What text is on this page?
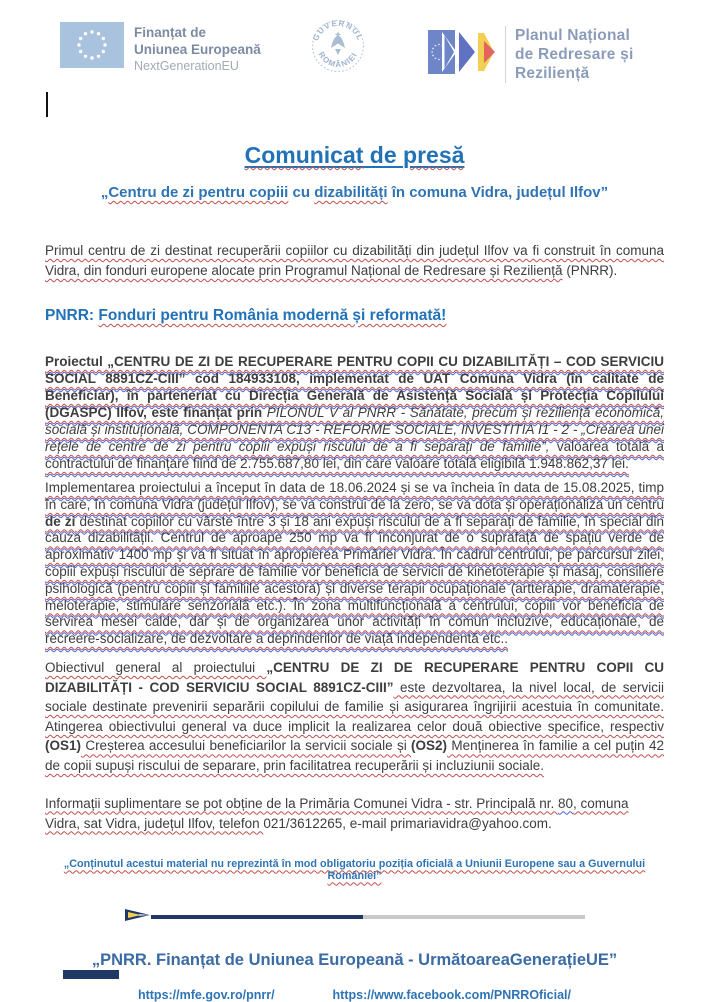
Finanțat de
Uniunea Europeană
NextGenerationEU
GUVERNUL
ROMÂNIEI
Planul Național
de Redresare și Reziliență
Comunicat de presă
„Centru de zi pentru copiii cu dizabilități în comuna Vidra, județul Ilfov”

Primul centru de zi destinat recuperării copiilor cu dizabilități din județul Ilfov va fi construit în comuna Vidra, din fonduri europene alocate prin Programul Național de Redresare și Reziliență (PNRR).

PNRR: Fonduri pentru România modernă și reformată!

Proiectul „CENTRU DE ZI DE RECUPERARE PENTRU COPII CU DIZABILITĂȚI – COD SERVICIU SOCIAL 8891CZ-CIII” cod 184933108, implementat de UAT Comuna Vidra (în calitate de Beneficiar), în parteneriat cu Direcția Generală de Asistență Socială și Protecția Copilului (DGASPC) Ilfov, este finanțat prin PILONUL V al PNRR - Sănătate, precum și reziliență economică, socială și instituțională, COMPONENTA C13 - REFORME SOCIALE, INVESTITIA I1 - 2 - „Crearea unei rețele de centre de zi pentru copiii expuși riscului de a fi separați de familie”, valoarea totală a contractului de finanțare fiind de 2.755.687,80 lei, din care valoare totală eligibilă 1.948.862,37 lei.

Implementarea proiectului a început în data de 18.06.2024 și se va încheia în data de 15.08.2025, timp în care, în comuna Vidra (județul Ilfov), se va construi de la zero, se va dota și operaționaliza un centru de zi destinat copiilor cu vârste între 3 și 18 ani expuși riscului de a fi separați de familie, în special din cauza dizabilității. Centrul de aproape 250 mp va fi înconjurat de o suprafață de spațiu verde de aproximativ 1400 mp și va fi situat în apropierea Primăriei Vidra. În cadrul centrului, pe parcursul zilei, copiii expuși riscului de seprare de familie vor beneficia de servicii de kinetoterapie și masaj, consiliere psihologică (pentru copiii și familiile acestora) și diverse terapii ocupaționale (artterapie, dramaterapie, meloterapie, stimulare senzorială etc.). În zona multifuncțională a centrului, copiii vor beneficia de servirea mesei calde, dar și de organizarea unor activități în comun incluzive, educaționale, de recreere-socializare, de dezvoltare a deprinderilor de viață independentă etc..

Obiectivul general al proiectului „CENTRU DE ZI DE RECUPERARE PENTRU COPII CU DIZABILITĂȚI - COD SERVICIU SOCIAL 8891CZ-CIII” este dezvoltarea, la nivel local, de servicii sociale destinate prevenirii separării copilului de familie și asigurarea îngrijirii acestuia în comunitate. Atingerea obiectivului general va duce implicit la realizarea celor două obiective specifice, respectiv (OS1) Creșterea accesului beneficiarilor la servicii sociale și (OS2) Menținerea în familie a cel puțin 42 de copii supuși riscului de separare, prin facilitatrea recuperării și incluziunii sociale.

Informații suplimentare se pot obține de la Primăria Comunei Vidra - str. Principală nr. 80, comuna Vidra, sat Vidra, județul Ilfov, telefon 021/3612265, e-mail primariavidra@yahoo.com.

„Conținutul acestui material nu reprezintă în mod obligatoriu poziția oficială a Uniunii Europene sau a Guvernului României”
„PNRR. Finanțat de Uniunea Europeană - UrmătoareaGenerațieUE”
https://mfe.gov.ro/pnrr/	https://www.facebook.com/PNRROficial/
